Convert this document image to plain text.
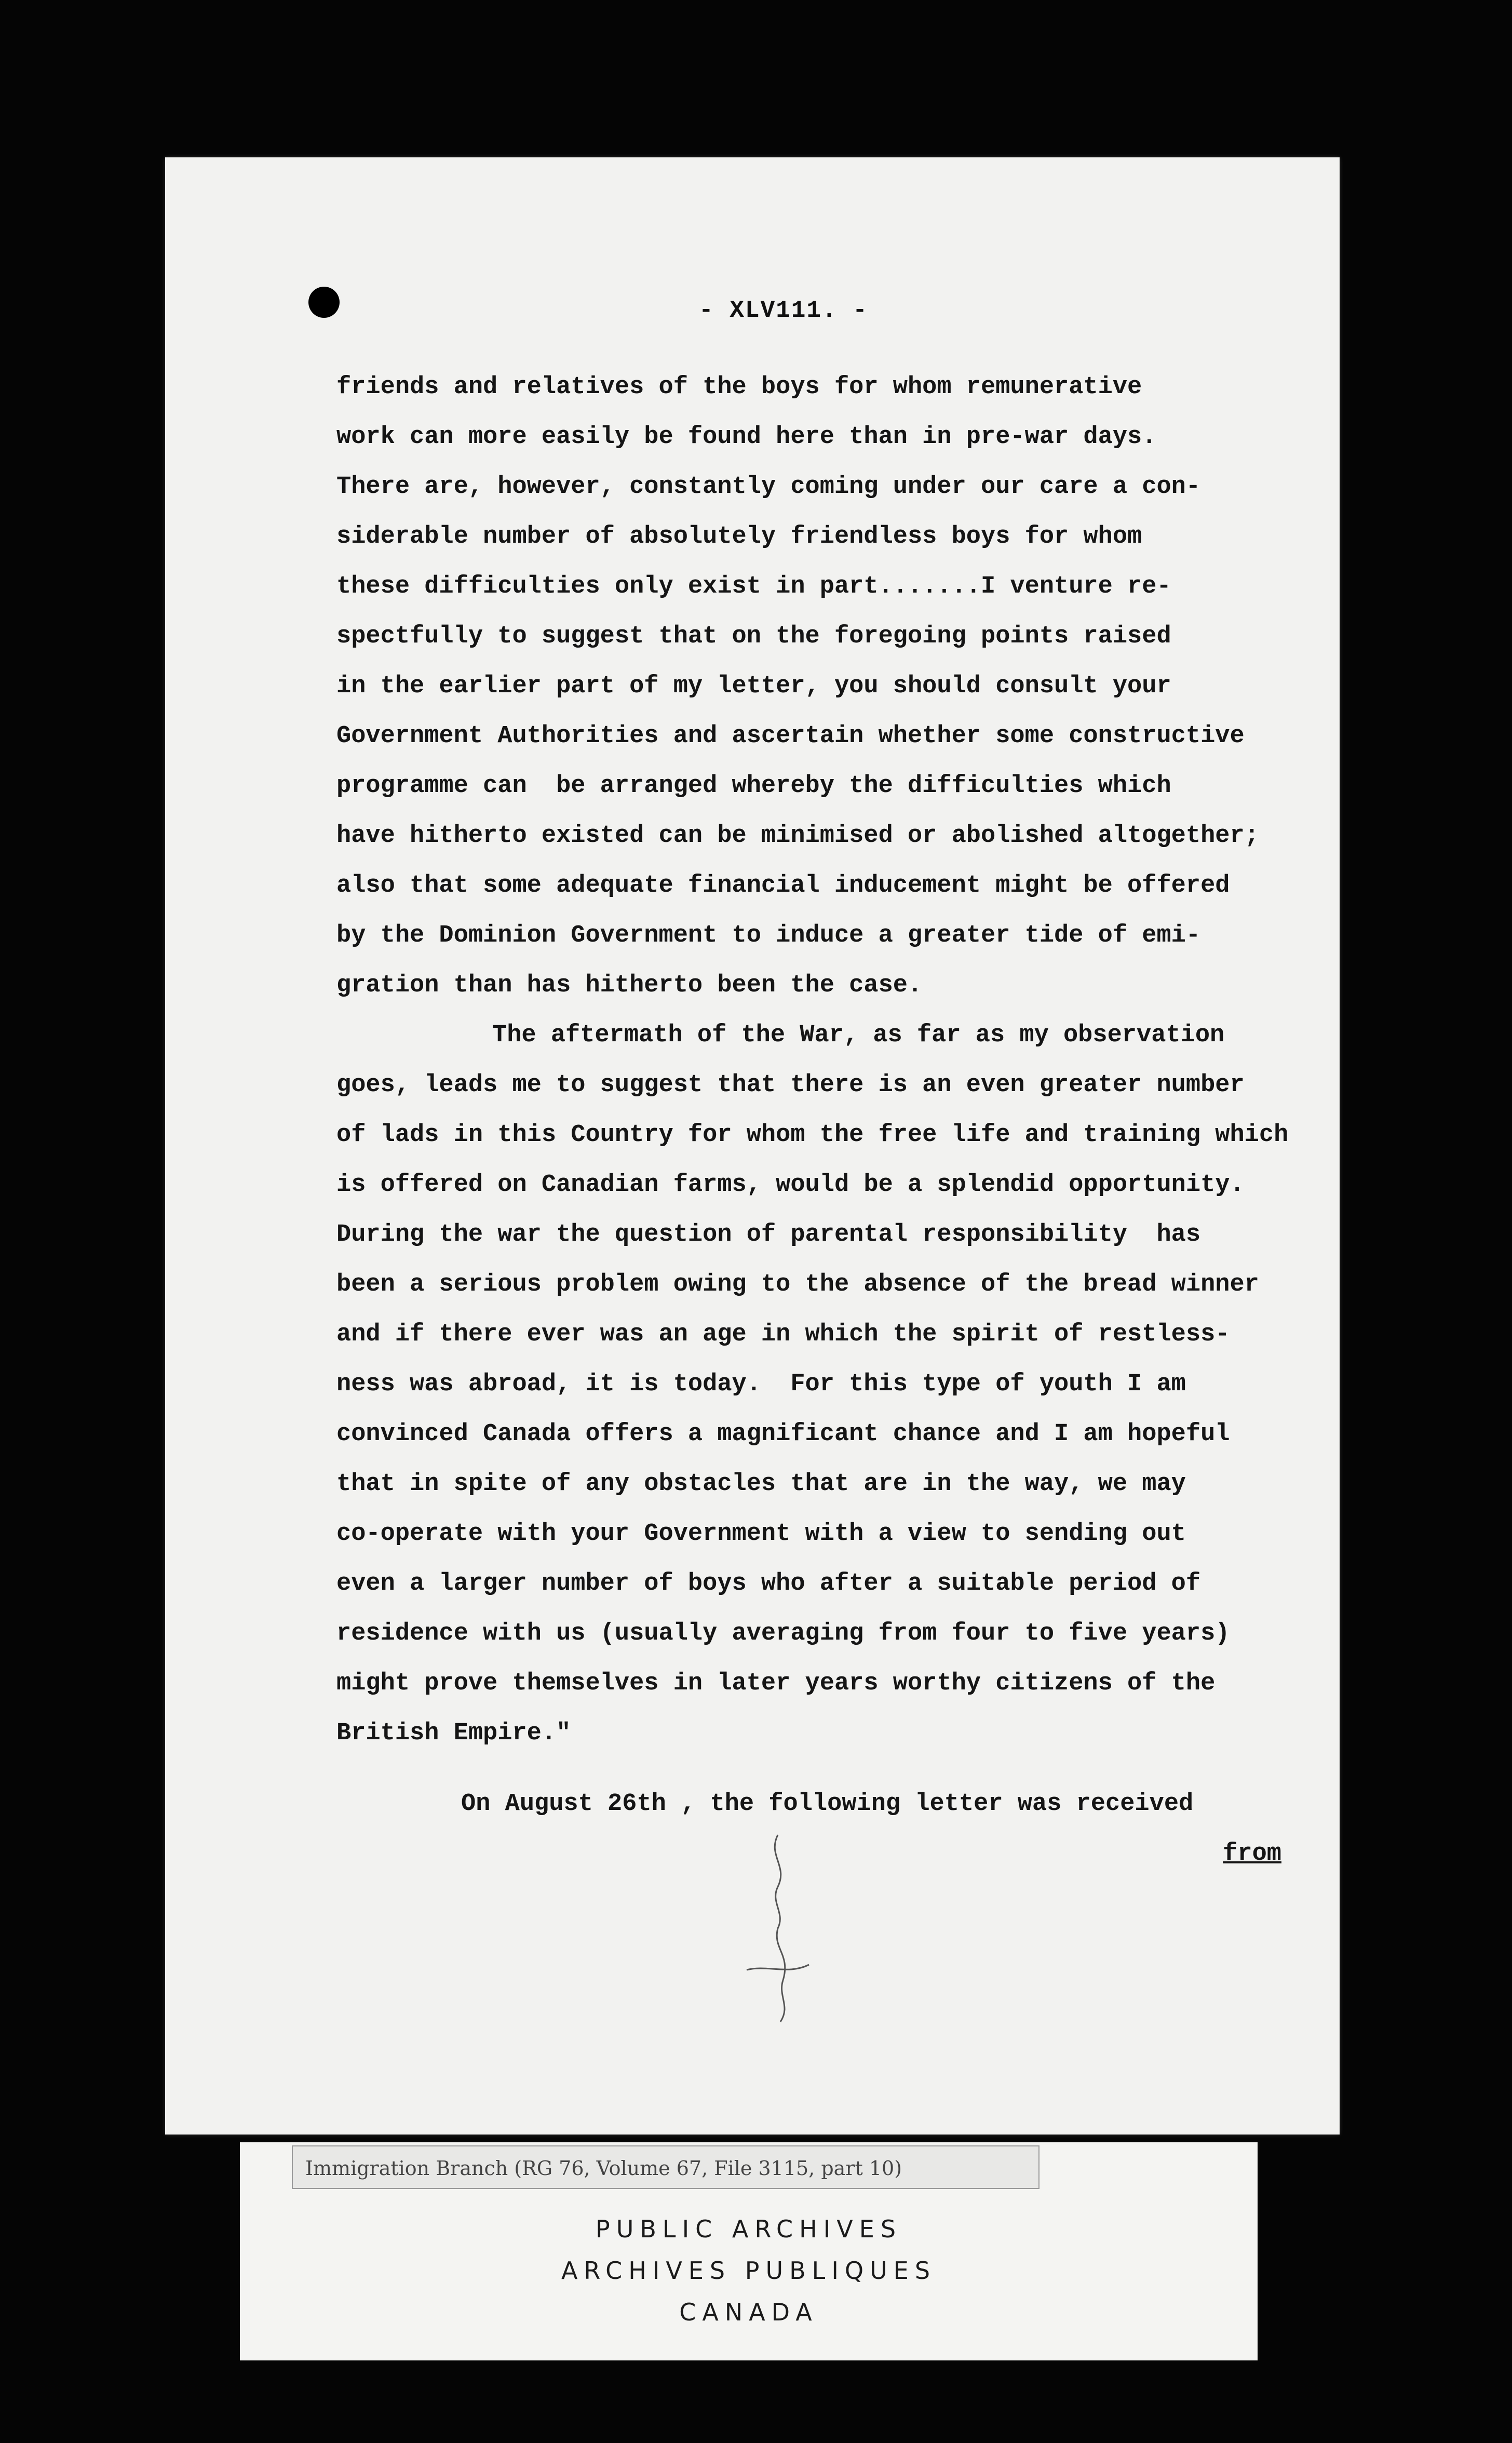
- XLV111. -
friends and relatives of the boys for whom remunerative
work can more easily be found here than in pre-war days.
There are, however, constantly coming under our care a con-
siderable number of absolutely friendless boys for whom
these difficulties only exist in part.......I venture re-
spectfully to suggest that on the foregoing points raised
in the earlier part of my letter, you should consult your
Government Authorities and ascertain whether some constructive
programme can  be arranged whereby the difficulties which
have hitherto existed can be minimised or abolished altogether;
also that some adequate financial inducement might be offered
by the Dominion Government to induce a greater tide of emi-
gration than has hitherto been the case.
The aftermath of the War, as far as my observation
goes, leads me to suggest that there is an even greater number
of lads in this Country for whom the free life and training which
is offered on Canadian farms, would be a splendid opportunity.
During the war the question of parental responsibility  has
been a serious problem owing to the absence of the bread winner
and if there ever was an age in which the spirit of restless-
ness was abroad, it is today.  For this type of youth I am
convinced Canada offers a magnificant chance and I am hopeful
that in spite of any obstacles that are in the way, we may
co-operate with your Government with a view to sending out
even a larger number of boys who after a suitable period of
residence with us (usually averaging from four to five years)
might prove themselves in later years worthy citizens of the
British Empire."
On August 26th , the following letter was received
from
Immigration Branch (RG 76, Volume 67, File 3115, part 10)
PUBLIC ARCHIVES
ARCHIVES PUBLIQUES
CANADA
